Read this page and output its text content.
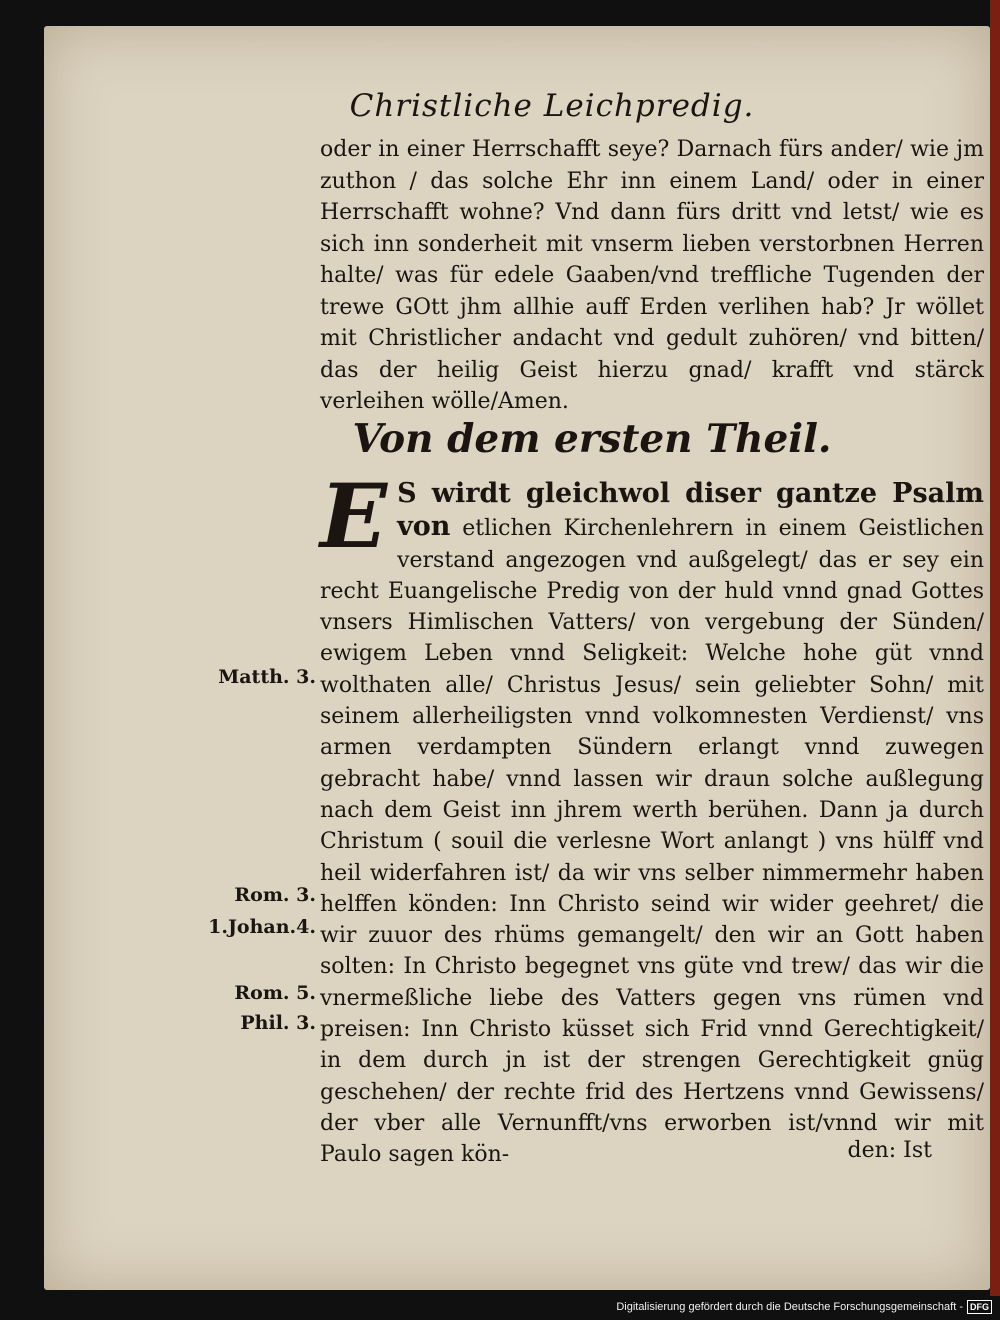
Christliche Leichpredig.

oder in einer Herrschafft seye? Darnach fürs ander/ wie jm zuthon / das solche Ehr inn einem Land/ oder in einer Herrschafft wohne? Vnd dann fürs dritt vnd letst/ wie es sich inn sonderheit mit vnserm lieben verstorbnen Herren halte/ was für edele Gaaben/vnd treffliche Tugenden der trewe GOtt jhm allhie auff Erden verlihen hab? Jr wöllet mit Christlicher andacht vnd gedult zuhören/ vnd bitten/ das der heilig Geist hierzu gnad/ krafft vnd stärck verleihen wölle/Amen.

Von dem ersten Theil.
E S wirdt gleichwol diser gantze Psalm von etlichen Kirchenlehrern in einem Geistlichen verstand angezogen vnd außgelegt/ das er sey ein recht Euangelische Predig von der huld vnnd gnad Gottes vnsers Himlischen Vatters/ von vergebung der Sünden/ ewigem Leben vnnd Seligkeit: Welche hohe güt vnnd wolthaten alle/ Christus Jesus/ sein geliebter Sohn/ mit seinem allerheiligsten vnnd volkomnesten Verdienst/ vns armen verdampten Sündern erlangt vnnd zuwegen gebracht habe/ vnnd lassen wir draun solche außlegung nach dem Geist inn jhrem werth berühen. Dann ja durch Christum ( souil die verlesne Wort anlangt ) vns hülff vnd heil widerfahren ist/ da wir vns selber nimmermehr haben helffen könden: Inn Christo seind wir wider geehret/ die wir zuuor des rhüms gemangelt/ den wir an Gott haben solten: In Christo begegnet vns güte vnd trew/ das wir die vnermeßliche liebe des Vatters gegen vns rümen vnd preisen: Inn Christo küsset sich Frid vnnd Gerechtigkeit/ in dem durch jn ist der strengen Gerechtigkeit gnüg geschehen/ der rechte frid des Hertzens vnnd Gewissens/ der vber alle Vernunfft/vns erworben ist/vnnd wir mit Paulo sagen kön-

Matth. 3.
Rom. 3.
1.Johan.4.
Rom. 5.
Phil. 3.
den: Ist
Digitalisierung gefördert durch die Deutsche Forschungsgemeinschaft - DFG
